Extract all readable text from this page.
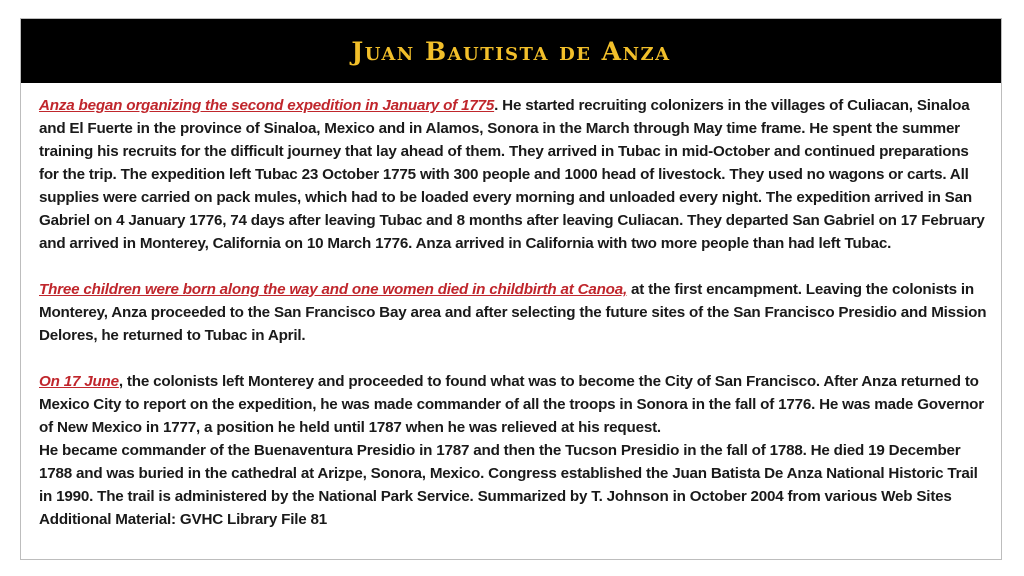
Juan Bautista de Anza

Anza began organizing the second expedition in January of 1775. He started recruiting colonizers in the villages of Culiacan, Sinaloa and El Fuerte in the province of Sinaloa, Mexico and in Alamos, Sonora in the March through May time frame. He spent the summer training his recruits for the difficult journey that lay ahead of them. They arrived in Tubac in mid-October and continued preparations for the trip. The expedition left Tubac 23 October 1775 with 300 people and 1000 head of livestock. They used no wagons or carts. All supplies were carried on pack mules, which had to be loaded every morning and unloaded every night. The expedition arrived in San Gabriel on 4 January 1776, 74 days after leaving Tubac and 8 months after leaving Culiacan. They departed San Gabriel on 17 February and arrived in Monterey, California on 10 March 1776. Anza arrived in California with two more people than had left Tubac.

Three children were born along the way and one women died in childbirth at Canoa, at the first encampment. Leaving the colonists in Monterey, Anza proceeded to the San Francisco Bay area and after selecting the future sites of the San Francisco Presidio and Mission Delores, he returned to Tubac in April.

On 17 June, the colonists left Monterey and proceeded to found what was to become the City of San Francisco. After Anza returned to Mexico City to report on the expedition, he was made commander of all the troops in Sonora in the fall of 1776. He was made Governor of New Mexico in 1777, a position he held until 1787 when he was relieved at his request.

He became commander of the Buenaventura Presidio in 1787 and then the Tucson Presidio in the fall of 1788. He died 19 December 1788 and was buried in the cathedral at Arizpe, Sonora, Mexico. Congress established the Juan Batista De Anza National Historic Trail in 1990. The trail is administered by the National Park Service. Summarized by T. Johnson in October 2004 from various Web Sites Additional Material: GVHC Library File 81
